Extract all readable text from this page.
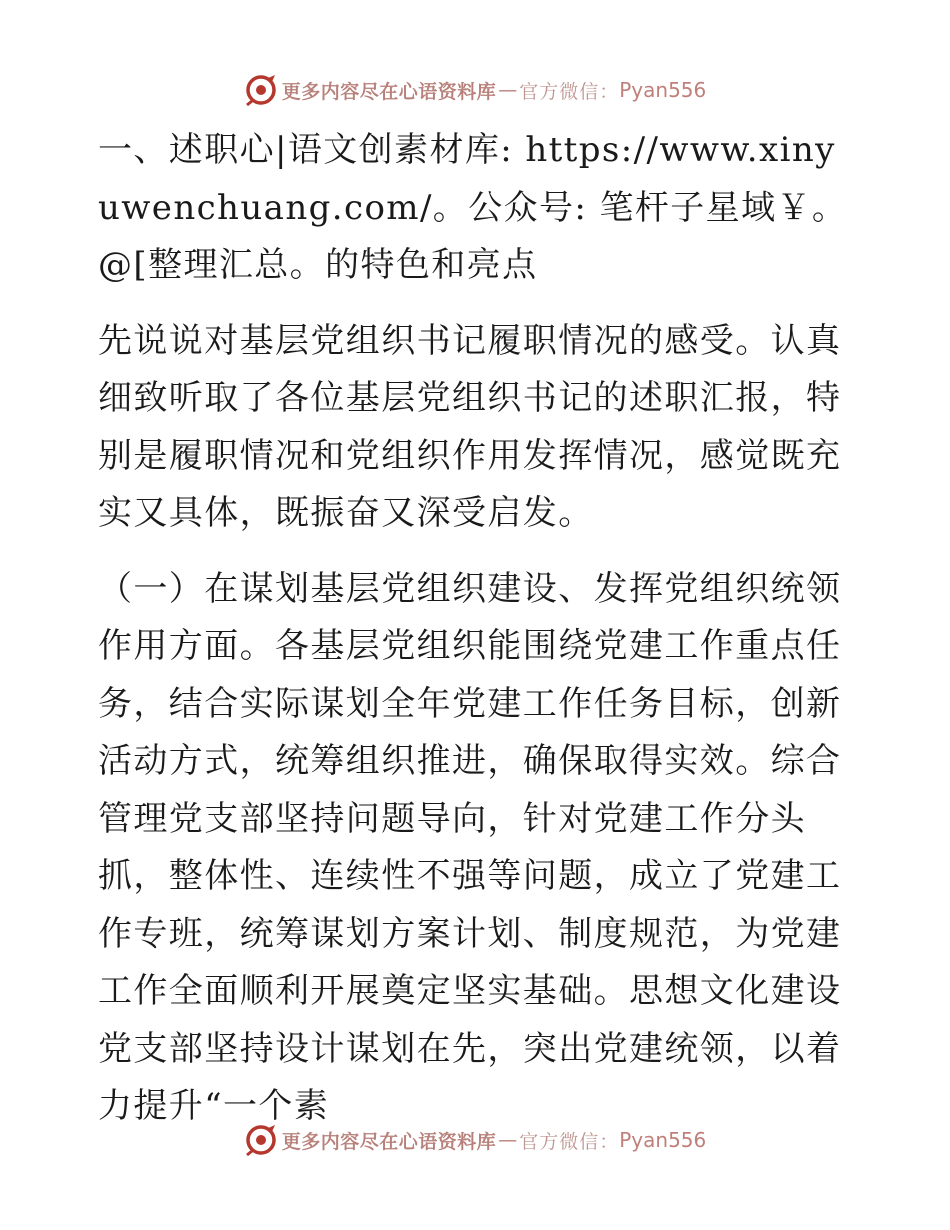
更多内容尽在心语资料库 — 官方微信： Pyan556

一、述职心|语文创素材库: https://www.xinyuwenchuang.com/。公众号: 笔杆子星域￥。@[整理汇总。的特色和亮点

先说说对基层党组织书记履职情况的感受。认真细致听取了各位基层党组织书记的述职汇报，特别是履职情况和党组织作用发挥情况，感觉既充实又具体，既振奋又深受启发。

（一）在谋划基层党组织建设、发挥党组织统领作用方面。各基层党组织能围绕党建工作重点任务，结合实际谋划全年党建工作任务目标，创新活动方式，统筹组织推进，确保取得实效。综合管理党支部坚持问题导向，针对党建工作分头抓，整体性、连续性不强等问题，成立了党建工作专班，统筹谋划方案计划、制度规范，为党建工作全面顺利开展奠定坚实基础。思想文化建设党支部坚持设计谋划在先，突出党建统领，以着力提升“一个素

更多内容尽在心语资料库 — 官方微信： Pyan556
